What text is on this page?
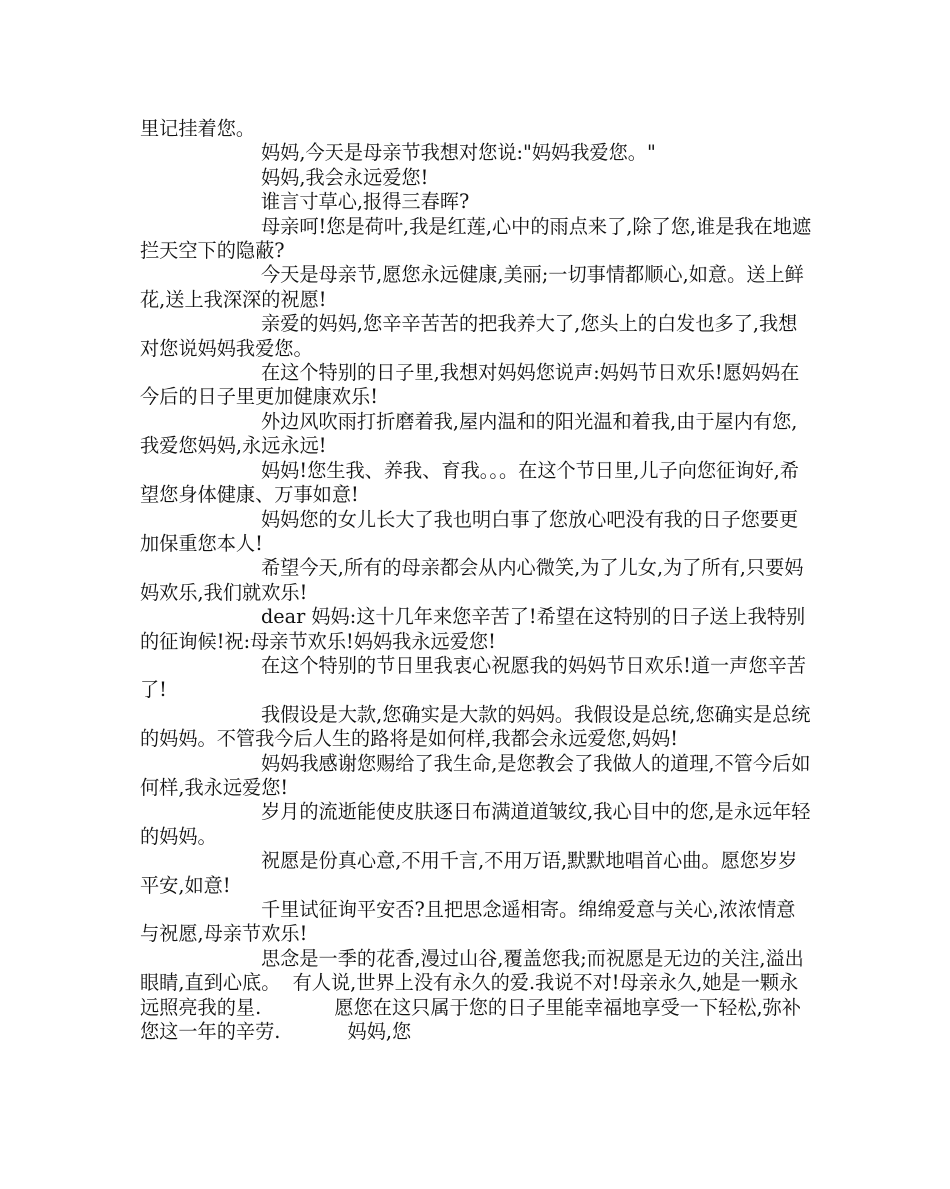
里记挂着您。

妈妈,今天是母亲节我想对您说:"妈妈我爱您。"

妈妈,我会永远爱您!

谁言寸草心,报得三春晖?

母亲呵!您是荷叶,我是红莲,心中的雨点来了,除了您,谁是我在地遮拦天空下的隐蔽?

今天是母亲节,愿您永远健康,美丽;一切事情都顺心,如意。送上鲜花,送上我深深的祝愿!

亲爱的妈妈,您辛辛苦苦的把我养大了,您头上的白发也多了,我想对您说妈妈我爱您。

在这个特别的日子里,我想对妈妈您说声:妈妈节日欢乐!愿妈妈在今后的日子里更加健康欢乐!

外边风吹雨打折磨着我,屋内温和的阳光温和着我,由于屋内有您,我爱您妈妈,永远永远!

妈妈!您生我、养我、育我。。。在这个节日里,儿子向您征询好,希望您身体健康、万事如意!

妈妈您的女儿长大了我也明白事了您放心吧没有我的日子您要更加保重您本人!

希望今天,所有的母亲都会从内心微笑,为了儿女,为了所有,只要妈妈欢乐,我们就欢乐!

dear 妈妈:这十几年来您辛苦了!希望在这特别的日子送上我特别的征询候!祝:母亲节欢乐!妈妈我永远爱您!

在这个特别的节日里我衷心祝愿我的妈妈节日欢乐!道一声您辛苦了!

我假设是大款,您确实是大款的妈妈。我假设是总统,您确实是总统的妈妈。不管我今后人生的路将是如何样,我都会永远爱您,妈妈!

妈妈我感谢您赐给了我生命,是您教会了我做人的道理,不管今后如何样,我永远爱您!

岁月的流逝能使皮肤逐日布满道道皱纹,我心目中的您,是永远年轻的妈妈。

祝愿是份真心意,不用千言,不用万语,默默地唱首心曲。愿您岁岁平安,如意!

千里试征询平安否?且把思念遥相寄。绵绵爱意与关心,浓浓情意与祝愿,母亲节欢乐!

思念是一季的花香,漫过山谷,覆盖您我;而祝愿是无边的关注,溢出眼睛,直到心底。  有人说,世界上没有永久的爱.我说不对!母亲永久,她是一颗永远照亮我的星.            愿您在这只属于您的日子里能幸福地享受一下轻松,弥补您这一年的辛劳.           妈妈,您
